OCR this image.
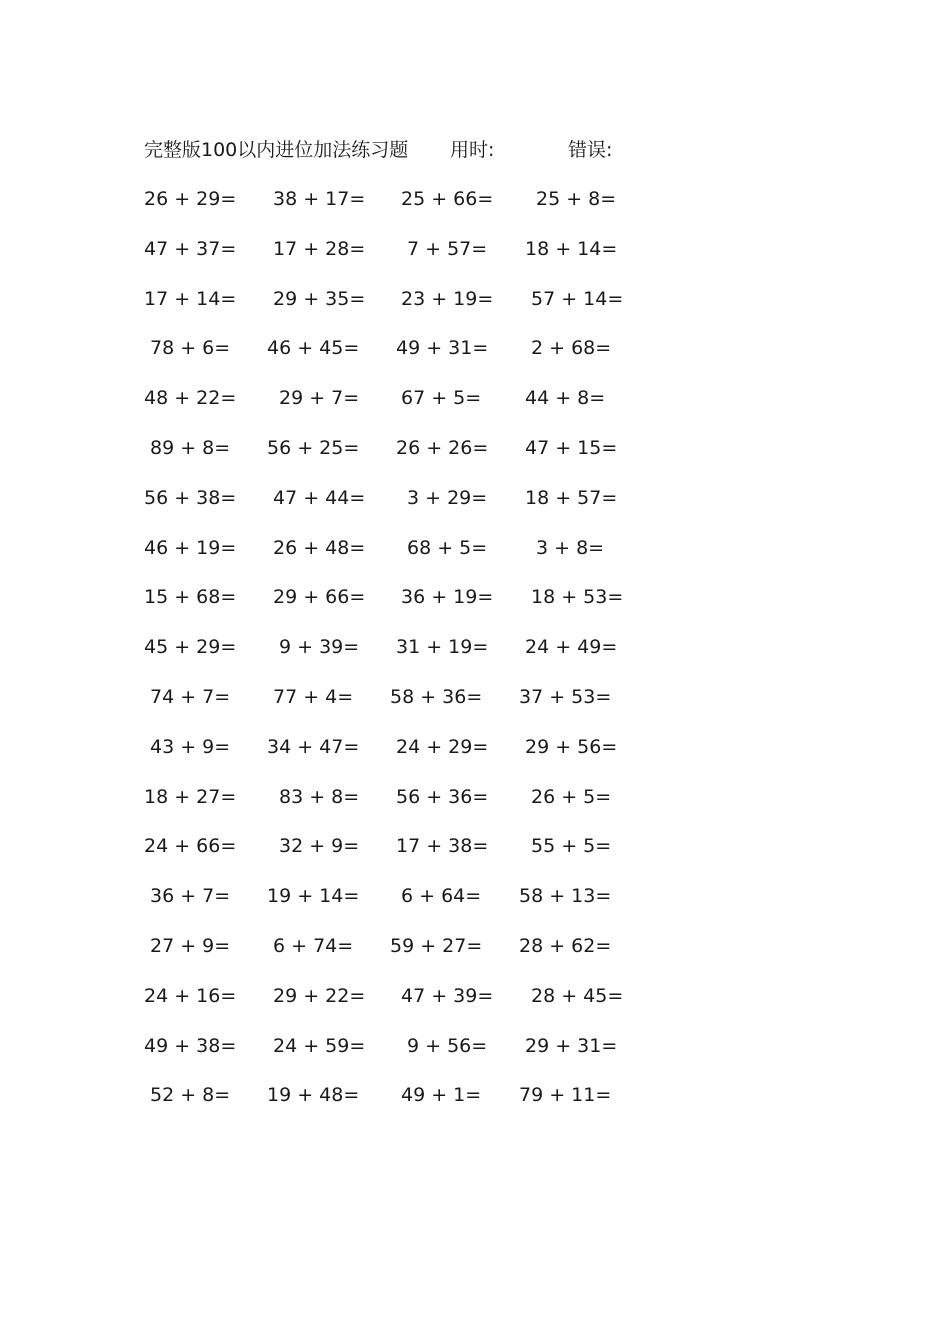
完整版100以内进位加法练习题 用时:	错误:
26 + 29= 38 + 17= 25 + 66= 25 + 8=
47 + 37= 17 + 28= 7 + 57= 18 + 14=
17 + 14= 29 + 35= 23 + 19= 57 + 14=
78 + 6= 46 + 45= 49 + 31= 2 + 68=
48 + 22= 29 + 7= 67 + 5= 44 + 8=
89 + 8= 56 + 25= 26 + 26= 47 + 15=
56 + 38= 47 + 44= 3 + 29= 18 + 57=
46 + 19= 26 + 48= 68 + 5=	3 + 8=
15 + 68= 29 + 66= 36 + 19= 18 + 53=
45 + 29= 9 + 39= 31 + 19= 24 + 49=
74 + 7= 77 + 4= 58 + 36= 37 + 53=
43 + 9= 34 + 47= 24 + 29= 29 + 56=
18 + 27= 83 + 8= 56 + 36= 26 + 5=
24 + 66= 32 + 9= 17 + 38= 55 + 5=
36 + 7= 19 + 14= 6 + 64= 58 + 13=
27 + 9= 6 + 74= 59 + 27= 28 + 62=
24 + 16= 29 + 22= 47 + 39= 28 + 45=
49 + 38= 24 + 59= 9 + 56= 29 + 31=
52 + 8= 19 + 48= 49 + 1= 79 + 11=
